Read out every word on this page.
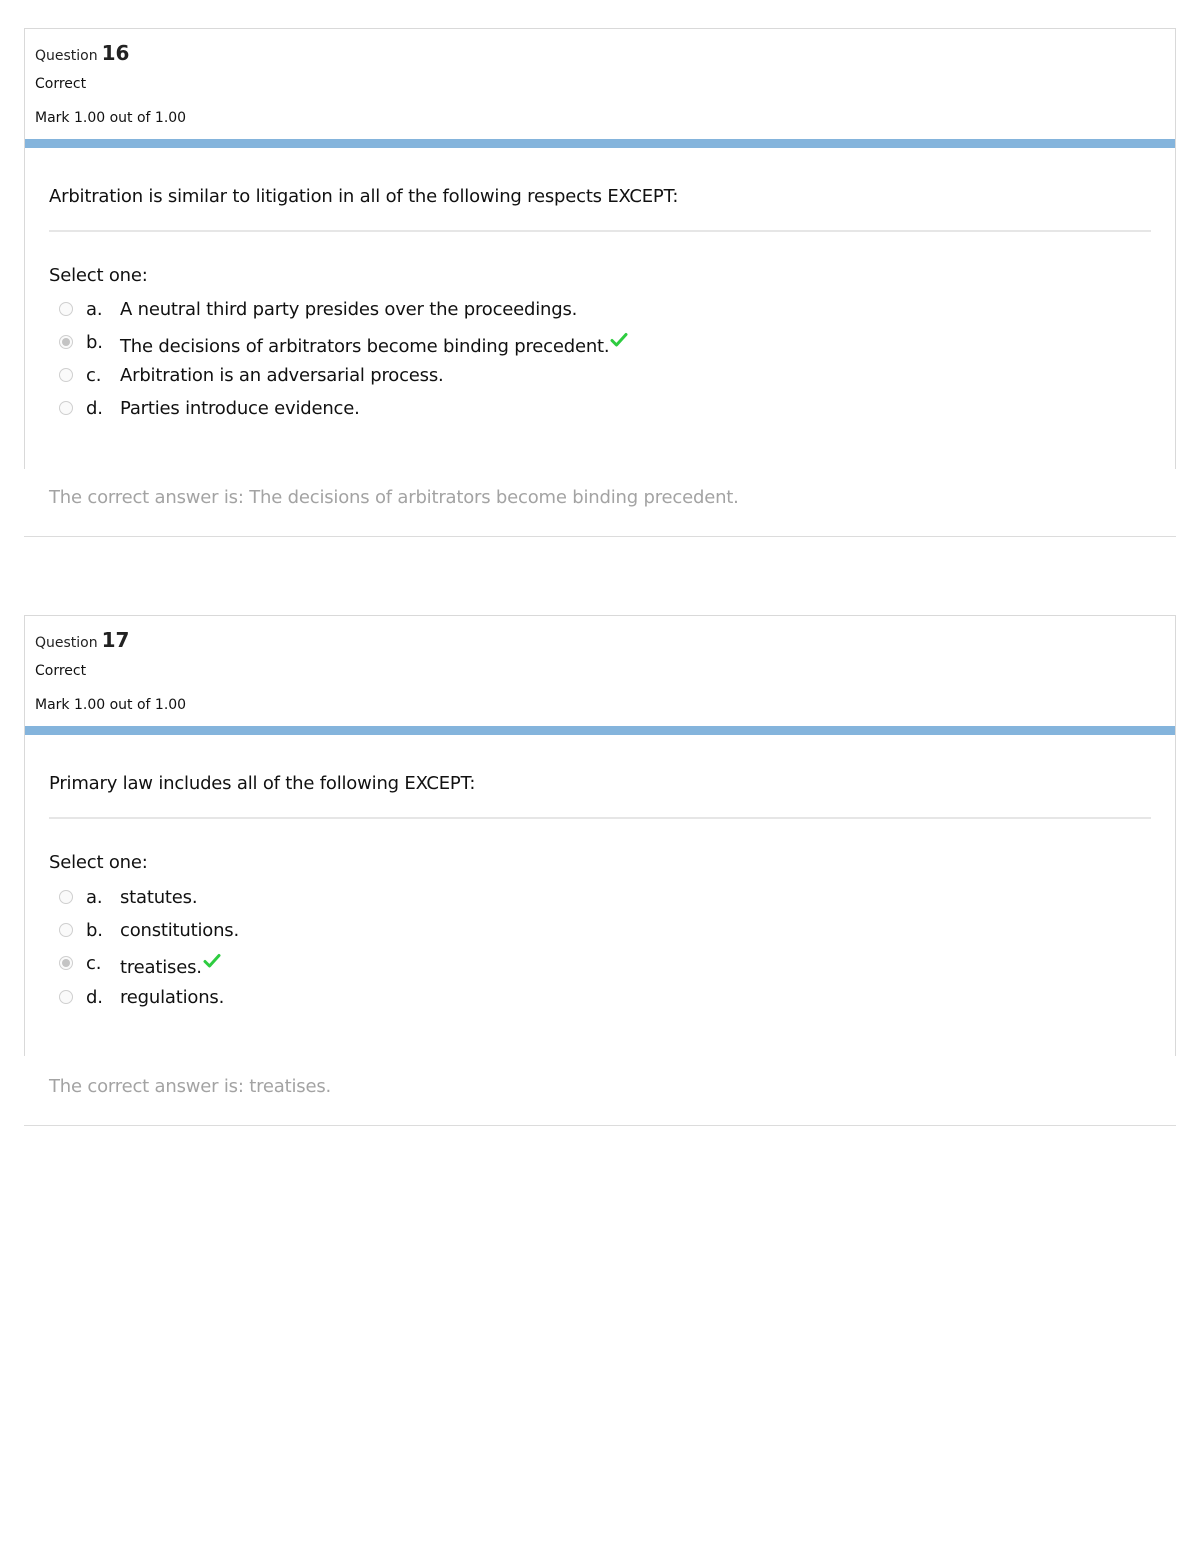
Question 16
Correct
Mark 1.00 out of 1.00
Arbitration is similar to litigation in all of the following respects EXCEPT:
Select one:
a. A neutral third party presides over the proceedings.
b. The decisions of arbitrators become binding precedent.
c. Arbitration is an adversarial process.
d. Parties introduce evidence.
The correct answer is: The decisions of arbitrators become binding precedent.
Question 17
Correct
Mark 1.00 out of 1.00
Primary law includes all of the following EXCEPT:
Select one:
a. statutes.
b. constitutions.
c. treatises.
d. regulations.
The correct answer is: treatises.
